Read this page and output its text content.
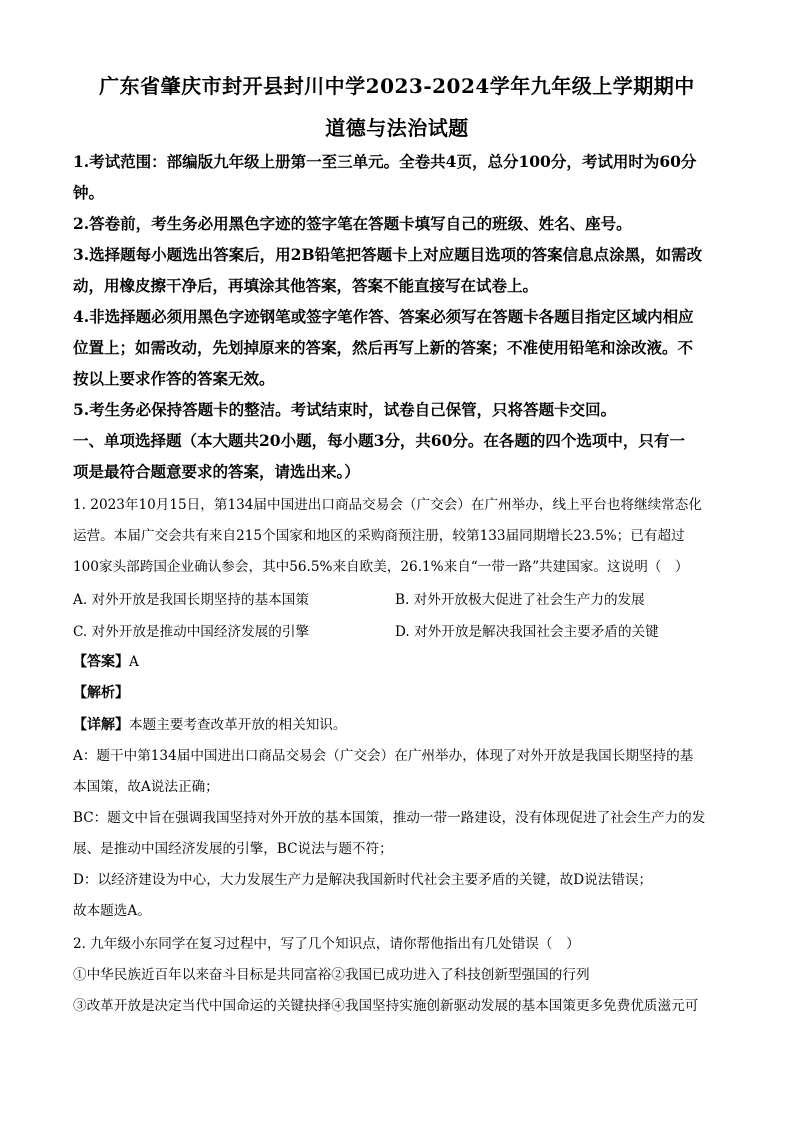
广东省肇庆市封开县封川中学2023-2024学年九年级上学期期中
道德与法治试题
1.考试范围：部编版九年级上册第一至三单元。全卷共4页，总分100分，考试用时为60分
钟。
2.答卷前，考生务必用黑色字迹的签字笔在答题卡填写自己的班级、姓名、座号。
3.选择题每小题选出答案后，用2B铅笔把答题卡上对应题目选项的答案信息点涂黑，如需改
动，用橡皮擦干净后，再填涂其他答案，答案不能直接写在试卷上。
4.非选择题必须用黑色字迹钢笔或签字笔作答、答案必须写在答题卡各题目指定区域内相应
位置上；如需改动，先划掉原来的答案，然后再写上新的答案；不准使用铅笔和涂改液。不
按以上要求作答的答案无效。
5.考生务必保持答题卡的整洁。考试结束时，试卷自己保管，只将答题卡交回。
一、单项选择题（本大题共20小题，每小题3分，共60分。在各题的四个选项中，只有一
项是最符合题意要求的答案，请选出来。）
1. 2023年10月15日，第134届中国进出口商品交易会（广交会）在广州举办，线上平台也将继续常态化
运营。本届广交会共有来自215个国家和地区的采购商预注册，较第133届同期增长23.5%；已有超过
100家头部跨国企业确认参会，其中56.5%来自欧美，26.1%来自“一带一路”共建国家。这说明（　）
A. 对外开放是我国长期坚持的基本国策	B. 对外开放极大促进了社会生产力的发展
C. 对外开放是推动中国经济发展的引擎	D. 对外开放是解决我国社会主要矛盾的关键
【答案】A
【解析】
【详解】本题主要考查改革开放的相关知识。
A：题干中第134届中国进出口商品交易会（广交会）在广州举办，体现了对外开放是我国长期坚持的基
本国策，故A说法正确；
BC：题文中旨在强调我国坚持对外开放的基本国策，推动一带一路建设，没有体现促进了社会生产力的发
展、是推动中国经济发展的引擎，BC说法与题不符；
D：以经济建设为中心，大力发展生产力是解决我国新时代社会主要矛盾的关键，故D说法错误；
故本题选A。
2. 九年级小东同学在复习过程中，写了几个知识点，请你帮他指出有几处错误（　）
①中华民族近百年以来奋斗目标是共同富裕②我国已成功进入了科技创新型强国的行列
③改革开放是决定当代中国命运的关键抉择④我国坚持实施创新驱动发展的基本国策更多免费优质滋元可
